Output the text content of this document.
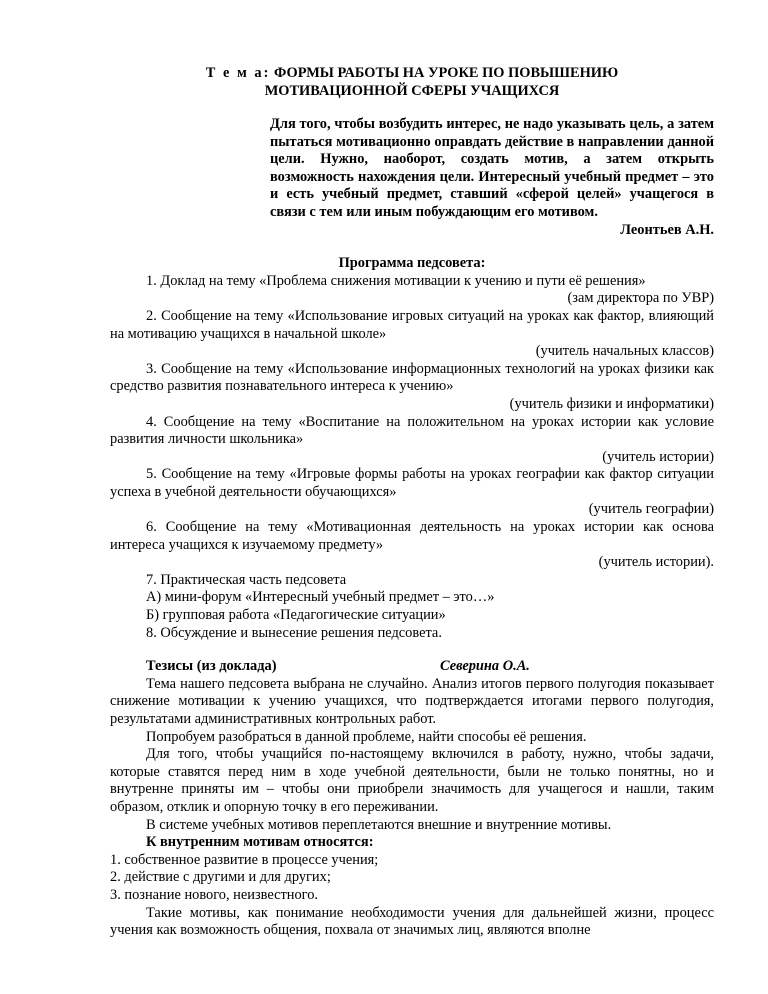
Т е м а: ФОРМЫ РАБОТЫ НА УРОКЕ ПО ПОВЫШЕНИЮ
МОТИВАЦИОННОЙ СФЕРЫ УЧАЩИХСЯ
Для того, чтобы возбудить интерес, не надо указывать цель, а затем пытаться мотивационно оправдать действие в направлении данной цели. Нужно, наоборот, создать мотив, а затем открыть возможность нахождения цели. Интересный учебный предмет – это и есть учебный предмет, ставший «сферой целей» учащегося в связи с тем или иным побуждающим его мотивом.
Леонтьев А.Н.
Программа педсовета:
1. Доклад на тему «Проблема снижения мотивации к учению и пути её решения»
(зам директора по УВР)
2. Сообщение на тему «Использование игровых ситуаций на уроках как фактор, влияющий на мотивацию учащихся в начальной школе»
(учитель начальных классов)
3. Сообщение на тему «Использование информационных технологий на уроках физики как средство развития познавательного интереса к учению»
(учитель физики и информатики)
4. Сообщение на тему «Воспитание на положительном на уроках истории как условие развития личности школьника»
(учитель истории)
5. Сообщение на тему «Игровые формы работы на уроках географии как фактор ситуации успеха в учебной деятельности обучающихся»
(учитель географии)
6. Сообщение на тему «Мотивационная деятельность на уроках истории как основа интереса учащихся к изучаемому предмету»
(учитель истории).
7. Практическая часть педсовета
А) мини-форум «Интересный учебный предмет – это…»
Б) групповая работа «Педагогические ситуации»
8. Обсуждение и вынесение решения педсовета.
Тезисы (из доклада)	Северина О.А.
Тема нашего педсовета выбрана не случайно. Анализ итогов первого полугодия показывает снижение мотивации к учению учащихся, что подтверждается итогами первого полугодия, результатами административных контрольных работ.
Попробуем разобраться в данной проблеме, найти способы её решения.
Для того, чтобы учащийся по-настоящему включился в работу, нужно, чтобы задачи, которые ставятся перед ним в ходе учебной деятельности, были не только понятны, но и внутренне приняты им – чтобы они приобрели значимость для учащегося и нашли, таким образом, отклик и опорную точку в его переживании.
В системе учебных мотивов переплетаются внешние и внутренние мотивы.
К внутренним мотивам относятся:
1. собственное развитие в процессе учения;
2. действие с другими и для других;
3. познание нового, неизвестного.
Такие мотивы, как понимание необходимости учения для дальнейшей жизни, процесс учения как возможность общения, похвала от значимых лиц, являются вполне
